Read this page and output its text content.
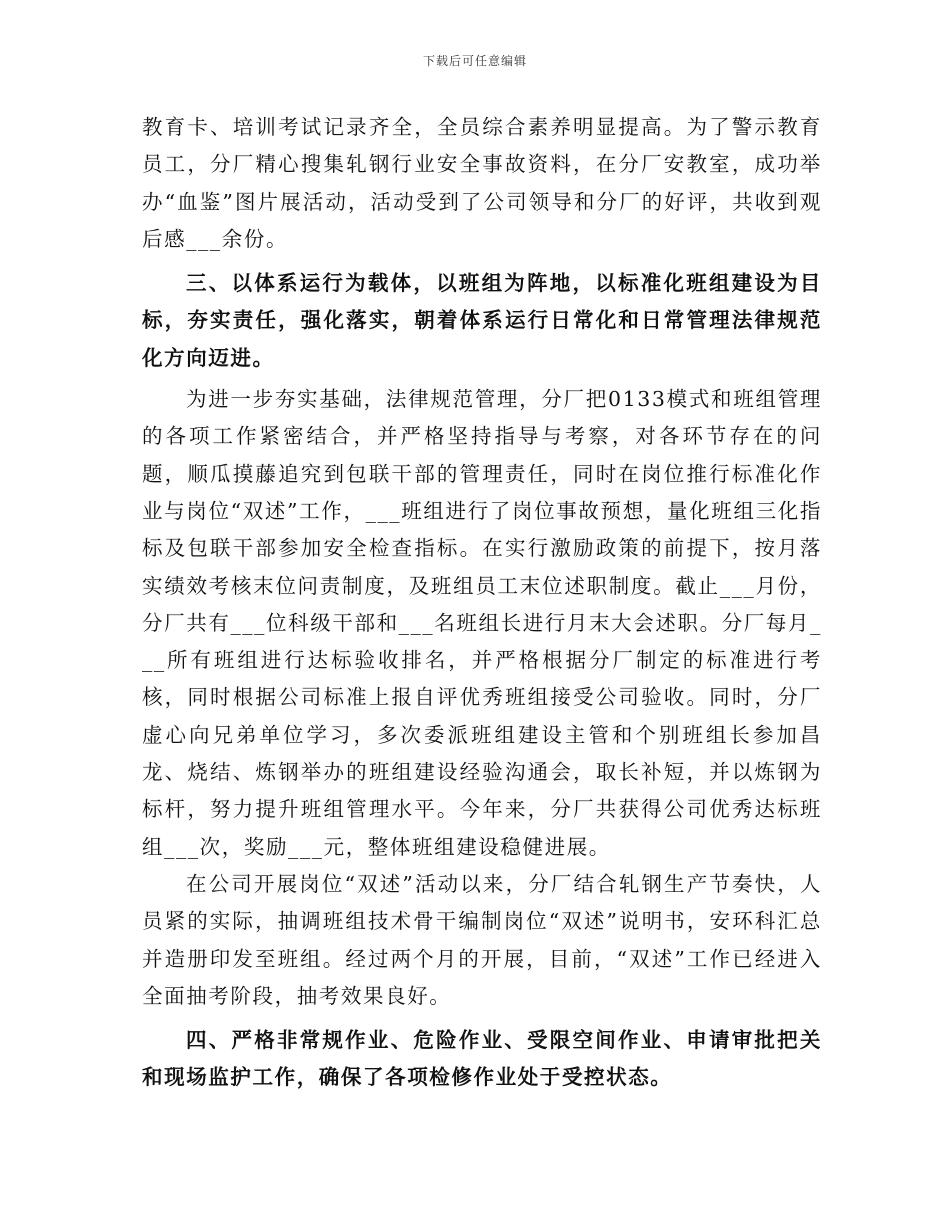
下载后可任意编辑

教育卡、培训考试记录齐全，全员综合素养明显提高。为了警示教育员工，分厂精心搜集轧钢行业安全事故资料，在分厂安教室，成功举办“血鉴”图片展活动，活动受到了公司领导和分厂的好评，共收到观后感___余份。

三、以体系运行为载体，以班组为阵地，以标准化班组建设为目标，夯实责任，强化落实，朝着体系运行日常化和日常管理法律规范化方向迈进。

为进一步夯实基础，法律规范管理，分厂把0133模式和班组管理的各项工作紧密结合，并严格坚持指导与考察，对各环节存在的问题，顺瓜摸藤追究到包联干部的管理责任，同时在岗位推行标准化作业与岗位“双述”工作，___班组进行了岗位事故预想，量化班组三化指标及包联干部参加安全检查指标。在实行激励政策的前提下，按月落实绩效考核末位问责制度，及班组员工末位述职制度。截止___月份，分厂共有___位科级干部和___名班组长进行月末大会述职。分厂每月___所有班组进行达标验收排名，并严格根据分厂制定的标准进行考核，同时根据公司标准上报自评优秀班组接受公司验收。同时，分厂虚心向兄弟单位学习，多次委派班组建设主管和个别班组长参加昌龙、烧结、炼钢举办的班组建设经验沟通会，取长补短，并以炼钢为标杆，努力提升班组管理水平。今年来，分厂共获得公司优秀达标班组___次，奖励___元，整体班组建设稳健进展。

在公司开展岗位“双述”活动以来，分厂结合轧钢生产节奏快，人员紧的实际，抽调班组技术骨干编制岗位“双述”说明书，安环科汇总并造册印发至班组。经过两个月的开展，目前，“双述”工作已经进入全面抽考阶段，抽考效果良好。

四、严格非常规作业、危险作业、受限空间作业、申请审批把关和现场监护工作，确保了各项检修作业处于受控状态。
